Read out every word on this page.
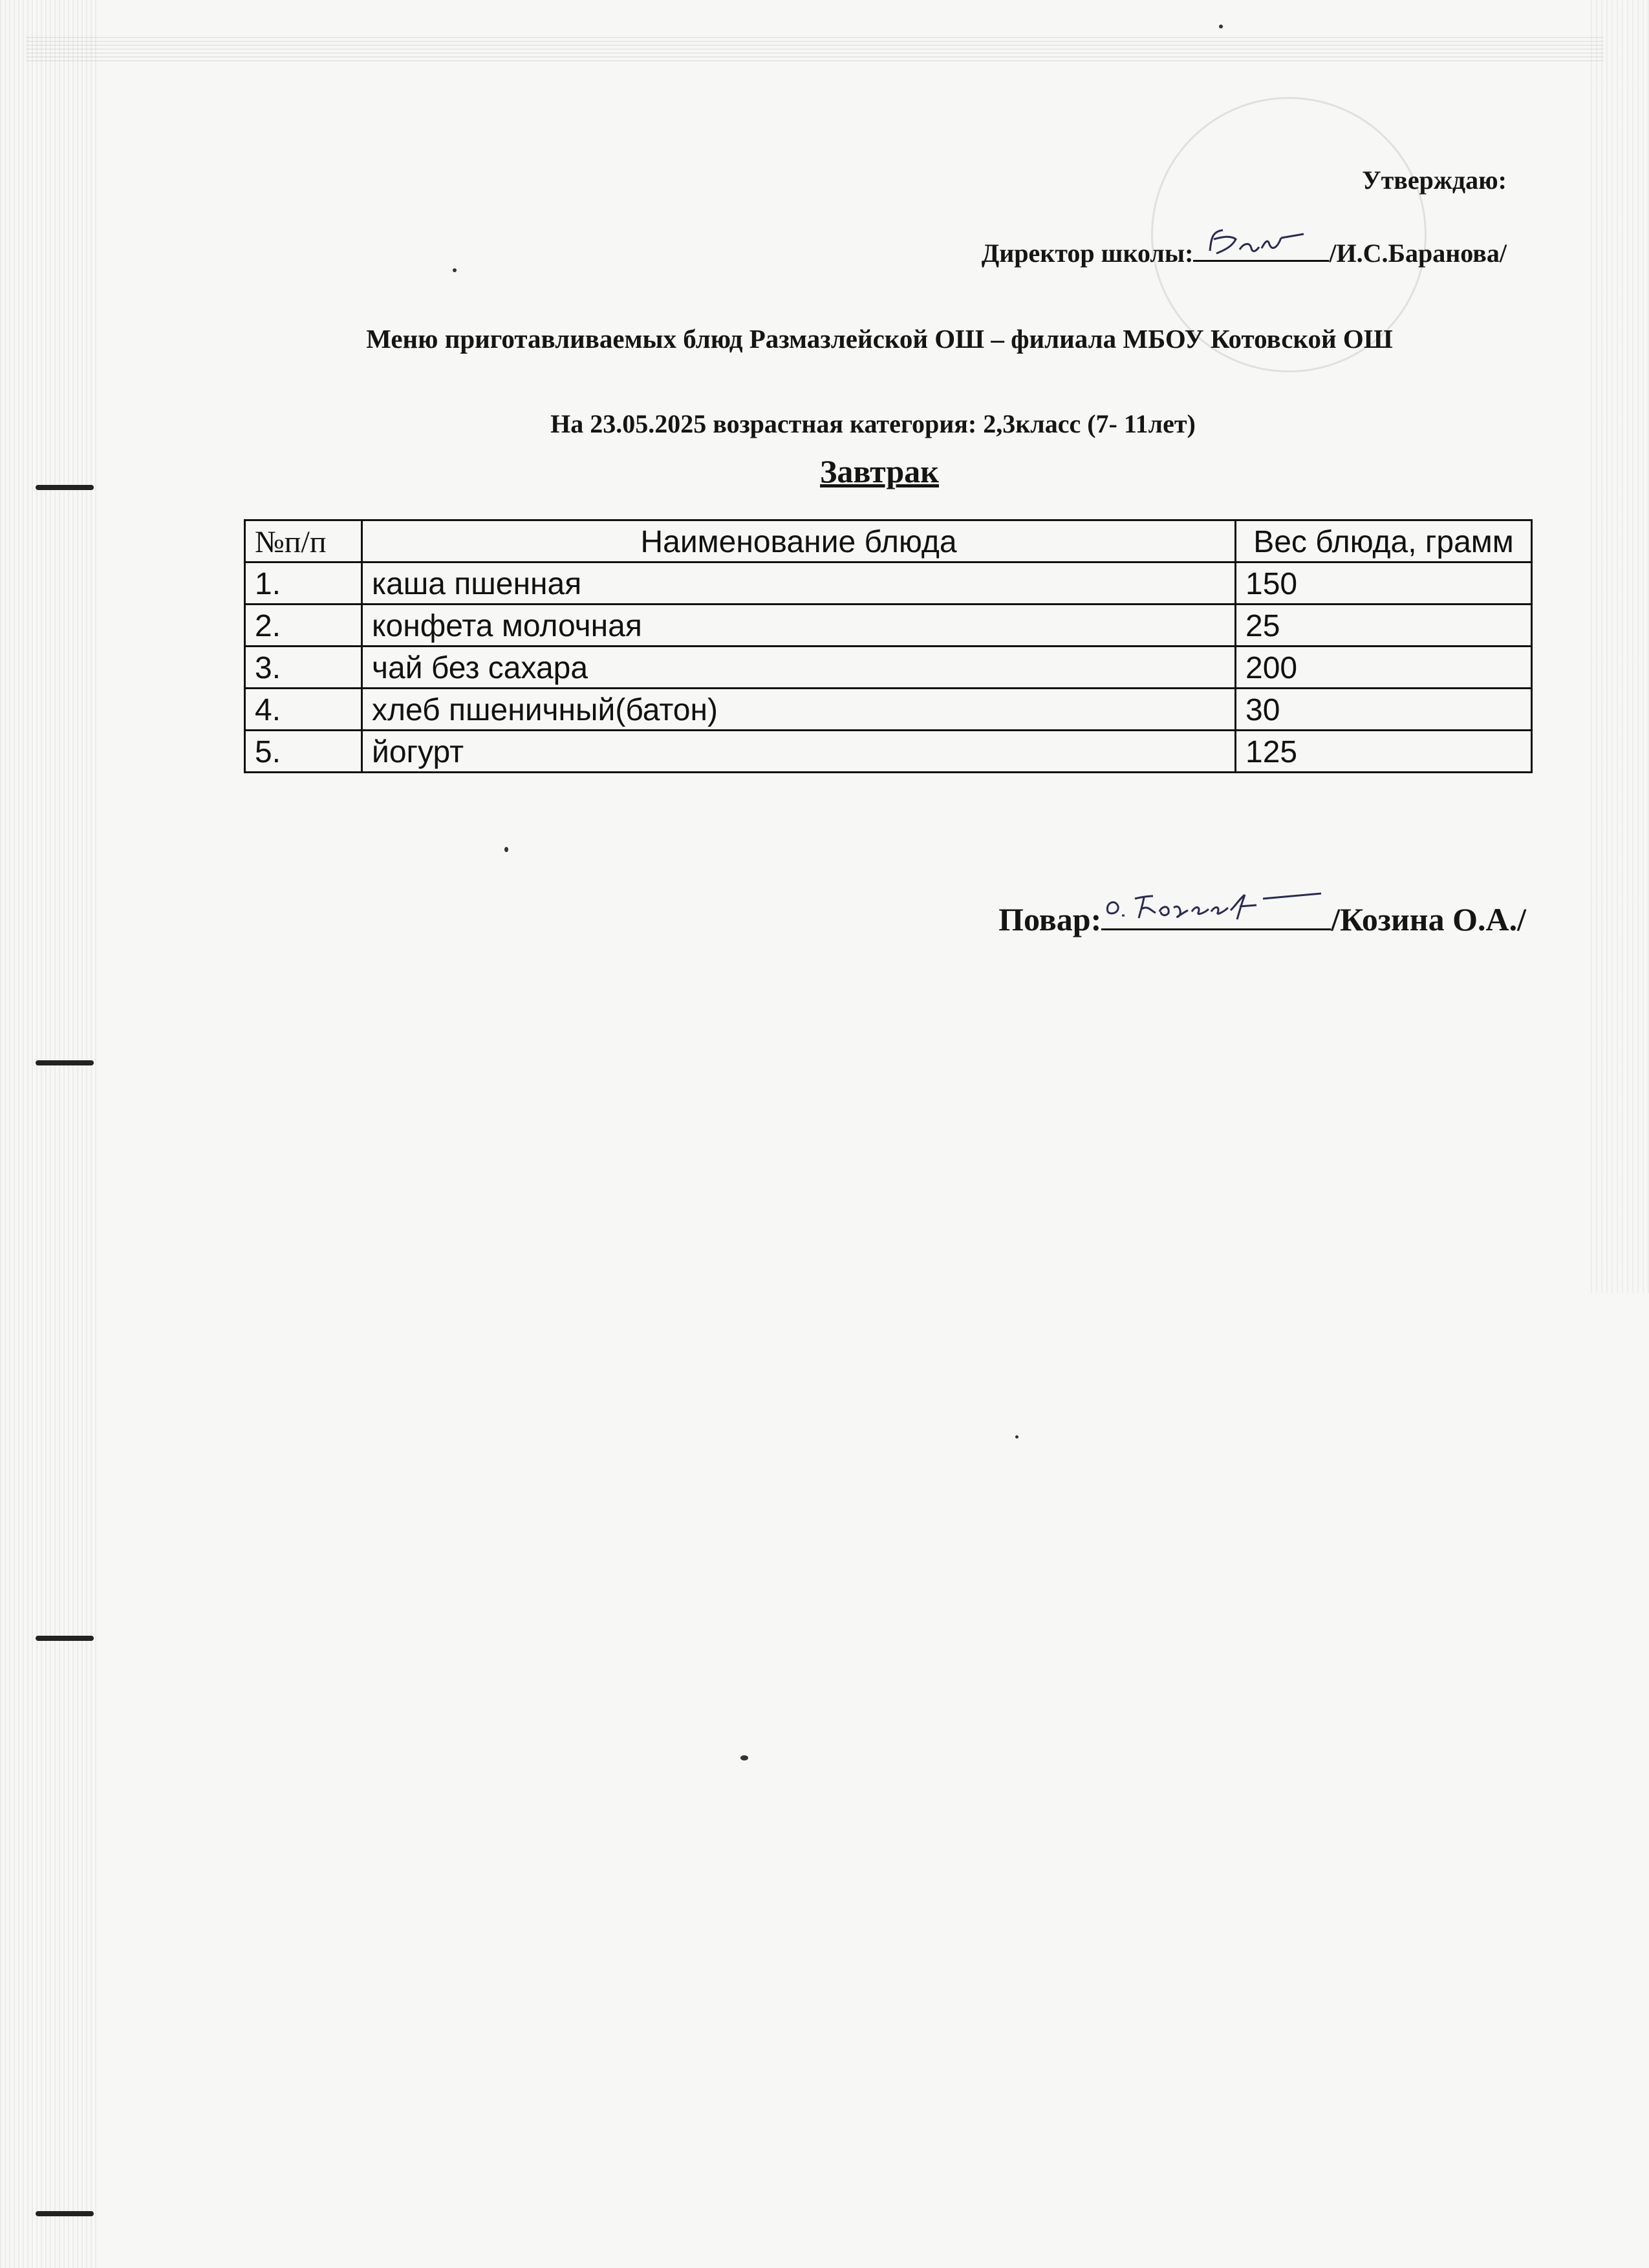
Утверждаю:
Директор школы:	/И.С.Баранова/
Меню приготавливаемых блюд Размазлейской ОШ – филиала МБОУ Котовской ОШ
На 23.05.2025 возрастная категория: 2,3класс (7- 11лет)
Завтрак
№п/п	Наименование блюда	Вес блюда, грамм
1.	каша пшенная	150
2.	конфета молочная	25
3.	чай без сахара	200
4.	хлеб пшеничный(батон)	30
5.	йогурт	125
Повар:	/Козина О.А./
